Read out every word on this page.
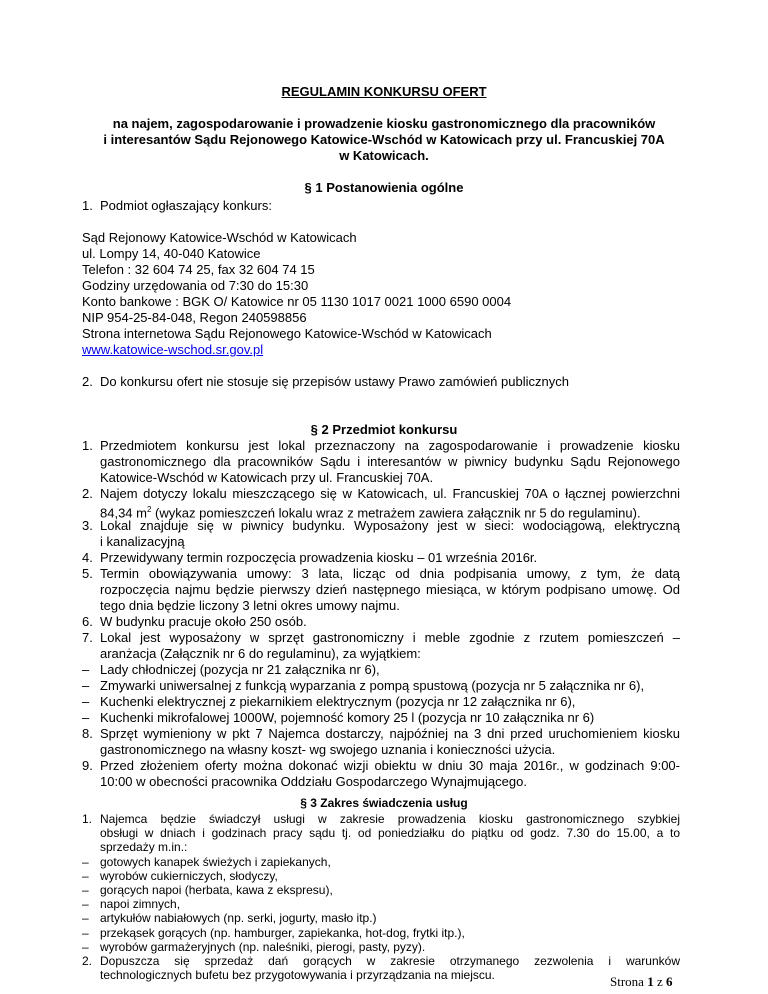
REGULAMIN KONKURSU OFERT
na najem, zagospodarowanie i prowadzenie kiosku gastronomicznego dla pracowników
i interesantów Sądu Rejonowego Katowice-Wschód w Katowicach przy ul. Francuskiej 70A
w Katowicach.
§ 1 Postanowienia ogólne
1. Podmiot ogłaszający konkurs:
Sąd Rejonowy Katowice-Wschód w Katowicach
ul. Lompy 14, 40-040 Katowice
Telefon : 32 604 74 25, fax 32 604 74 15
Godziny urzędowania od 7:30 do 15:30
Konto bankowe : BGK O/ Katowice nr 05 1130 1017 0021 1000 6590 0004
NIP 954-25-84-048, Regon 240598856
Strona internetowa Sądu Rejonowego Katowice-Wschód w Katowicach
www.katowice-wschod.sr.gov.pl
2. Do konkursu ofert nie stosuje się przepisów ustawy Prawo zamówień publicznych
§ 2 Przedmiot konkursu
1. Przedmiotem konkursu jest lokal przeznaczony na zagospodarowanie i prowadzenie kiosku
gastronomicznego dla pracowników Sądu i interesantów w piwnicy budynku Sądu Rejonowego
Katowice-Wschód w Katowicach przy ul. Francuskiej 70A.
2. Najem dotyczy lokalu mieszczącego się w Katowicach, ul. Francuskiej 70A o łącznej powierzchni
84,34 $m^2$ (wykaz pomieszczeń lokalu wraz z metrażem zawiera załącznik nr 5 do regulaminu).
3. Lokal znajduje się w piwnicy budynku. Wyposażony jest w sieci: wodociągową, elektryczną
i kanalizacyjną
4. Przewidywany termin rozpoczęcia prowadzenia kiosku – 01 września 2016r.
5. Termin obowiązywania umowy: 3 lata, licząc od dnia podpisania umowy, z tym, że datą
rozpoczęcia najmu będzie pierwszy dzień następnego miesiąca, w którym podpisano umowę. Od
tego dnia będzie liczony 3 letni okres umowy najmu.
6. W budynku pracuje około 250 osób.
7. Lokal jest wyposażony w sprzęt gastronomiczny i meble zgodnie z rzutem pomieszczeń –
aranżacja (Załącznik nr 6 do regulaminu), za wyjątkiem:
– Lady chłodniczej (pozycja nr 21 załącznika nr 6),
– Zmywarki uniwersalnej z funkcją wyparzania z pompą spustową (pozycja nr 5 załącznika nr 6),
– Kuchenki elektrycznej z piekarnikiem elektrycznym (pozycja nr 12 załącznika nr 6),
– Kuchenki mikrofalowej 1000W, pojemność komory 25 l (pozycja nr 10 załącznika nr 6)
8. Sprzęt wymieniony w pkt 7 Najemca dostarczy, najpóźniej na 3 dni przed uruchomieniem kiosku
gastronomicznego na własny koszt- wg swojego uznania i konieczności użycia.
9. Przed złożeniem oferty można dokonać wizji obiektu w dniu 30 maja 2016r., w godzinach 9:00-
10:00 w obecności pracownika Oddziału Gospodarczego Wynajmującego.
Strona 1 z 6
§ 3 Zakres świadczenia usług
1. Najemca będzie świadczył usługi w zakresie prowadzenia kiosku gastronomicznego szybkiej
obsługi w dniach i godzinach pracy sądu tj. od poniedziałku do piątku od godz. 7.30 do 15.00, a to
sprzedaży m.in.:
– gotowych kanapek świeżych i zapiekanych,
– wyrobów cukierniczych, słodyczy,
– gorących napoi (herbata, kawa z ekspresu),
– napoi zimnych,
– artykułów nabiałowych (np. serki, jogurty, masło itp.)
– przekąsek gorących (np. hamburger, zapiekanka, hot-dog, frytki itp.),
– wyrobów garmażeryjnych (np. naleśniki, pierogi, pasty, pyzy).
2. Dopuszcza się sprzedaż dań gorących w zakresie otrzymanego zezwolenia i warunków
technologicznych bufetu bez przygotowywania i przyrządzania na miejscu.
